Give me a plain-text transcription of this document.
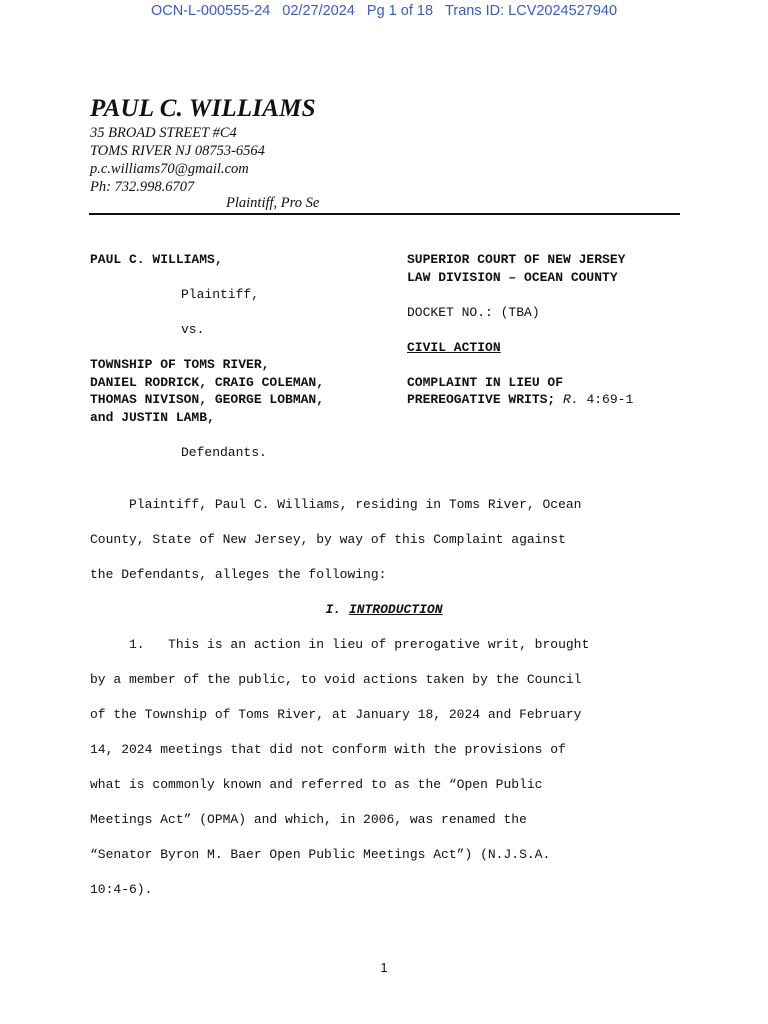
OCN-L-000555-24 02/27/2024 Pg 1 of 18 Trans ID: LCV2024527940
PAUL C. WILLIAMS
35 BROAD STREET #C4
TOMS RIVER NJ 08753-6564
p.c.williams70@gmail.com
Ph: 732.998.6707
Plaintiff, Pro Se
PAUL C. WILLIAMS,
Plaintiff,
vs.
TOWNSHIP OF TOMS RIVER,
DANIEL RODRICK, CRAIG COLEMAN,
THOMAS NIVISON, GEORGE LOBMAN,
and JUSTIN LAMB,
Defendants.
SUPERIOR COURT OF NEW JERSEY
LAW DIVISION – OCEAN COUNTY
DOCKET NO.: (TBA)
CIVIL ACTION
COMPLAINT IN LIEU OF
PREREOGATIVE WRITS; R. 4:69-1
Plaintiff, Paul C. Williams, residing in Toms River, Ocean
County, State of New Jersey, by way of this Complaint against
the Defendants, alleges the following:
I. INTRODUCTION
1.   This is an action in lieu of prerogative writ, brought
by a member of the public, to void actions taken by the Council
of the Township of Toms River, at January 18, 2024 and February
14, 2024 meetings that did not conform with the provisions of
what is commonly known and referred to as the “Open Public
Meetings Act” (OPMA) and which, in 2006, was renamed the
“Senator Byron M. Baer Open Public Meetings Act”) (N.J.S.A.
10:4-6).
1
